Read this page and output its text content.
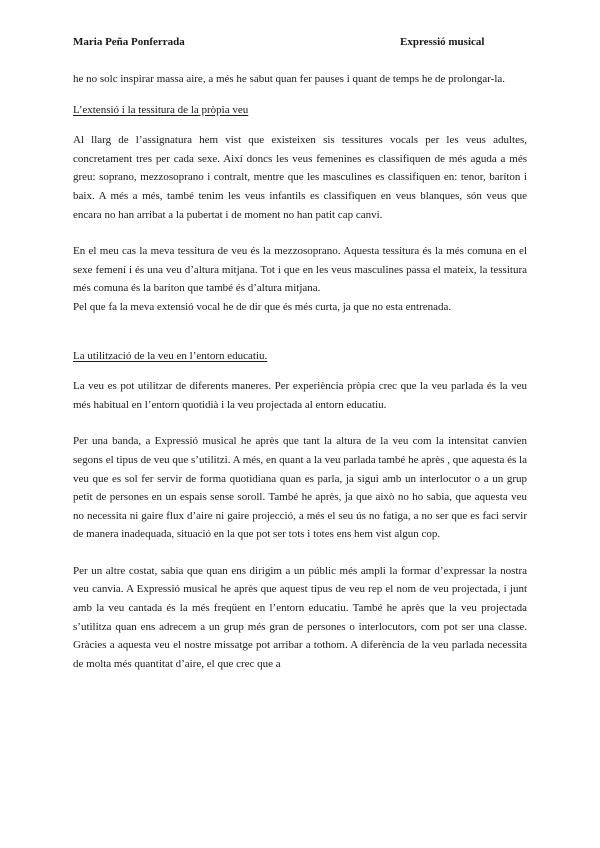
Maria Peña Ponferrada	Expressió musical

he no solc inspirar massa aire, a més he sabut quan fer pauses i quant de temps he de prolongar-la.

L’extensió i la tessitura de la pròpia veu

Al llarg de l’assignatura hem vist que existeixen sis tessitures vocals per les veus adultes, concretament tres per cada sexe. Així doncs les veus femenines es classifiquen de més aguda a més greu: soprano, mezzosoprano i contralt, mentre que les masculines es classifiquen en: tenor, baríton i baix. A més a més, també tenim les veus infantils es classifiquen en veus blanques, són veus que encara no han arribat a la pubertat i de moment no han patit cap canvi.

En el meu cas la meva tessitura de veu és la mezzosoprano. Aquesta tessitura és la més comuna en el sexe femení i és una veu d’altura mitjana. Tot i que en les veus masculines passa el mateix, la tessitura més comuna és la baríton que també és d’altura mitjana.

Pel que fa la meva extensió vocal he de dir que és més curta, ja que no esta entrenada.

La utilització de la veu en l’entorn educatiu.

La veu es pot utilitzar de diferents maneres. Per experiència pròpia crec que la veu parlada és la veu més habitual en l’entorn quotidià i la veu projectada al entorn educatiu.

Per una banda, a Expressió musical he après que tant la altura de la veu com la intensitat canvien segons el tipus de veu que s’utilitzi. A més, en quant a la veu parlada també he après , que aquesta és la veu que es sol fer servir de forma quotidiana quan es parla, ja sigui amb un interlocutor o a un grup petit de persones en un espais sense soroll. També he après, ja que això no ho sabia, que aquesta veu no necessita ni gaire flux d’aire ni gaire projecció, a més el seu ús no fatiga, a no ser que es faci servir de manera inadequada, situació en la que pot ser tots i totes ens hem vist algun cop.

Per un altre costat, sabia que quan ens dirigim a un públic més ampli la formar d’expressar la nostra veu canvia. A Expressió musical he après que aquest tipus de veu rep el nom de veu projectada, i junt amb la veu cantada és la més freqüent en l’entorn educatiu. També he après que la veu projectada s’utilitza quan ens adrecem a un grup més gran de persones o interlocutors, com pot ser una classe. Gràcies a aquesta veu el nostre missatge pot arribar a tothom. A diferència de la veu parlada necessita de molta més quantitat d’aire, el que crec que a
